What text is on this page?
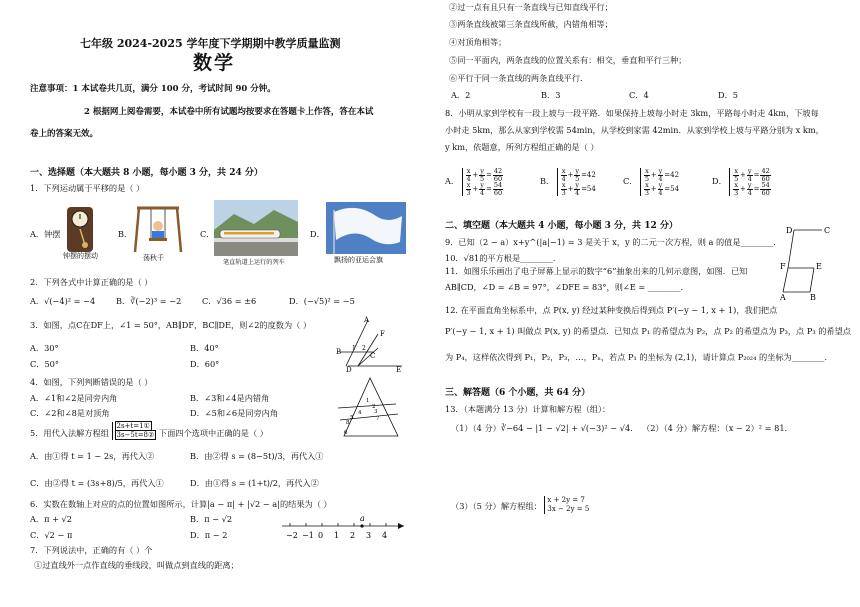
七年级 2024-2025 学年度下学期期中教学质量监测
数学
注意事项：1 本试卷共几页，满分 100 分，考试时间 90 分钟。
2 根据网上阅卷需要，本试卷中所有试题均按要求在答题卡上作答，答在本试
卷上的答案无效。
一、选择题（本大题共 8 小题，每小题 3 分，共 24 分）
1．下列运动属于平移的是（ ）
A．钟摆
钟摆的摆动
B．
荡秋千
C．
笔直轨道上运行的列车
D．
飘扬的亚运会旗
2．下列各式中计算正确的是（ ）
A．√(−4)² = −4	B．∛(−2)³ = −2	C．√36 = ±6	D．(−√5)² = −5
3．如图，点C在DF上，∠1 = 50°，AB∥DF，BC∥DE，则∠2的度数为（ ）
A．30°	B．40°
C．50°	D．60°
A
B
F
1 2
C
D	E
4．如图，下列判断错误的是（ ）
A．∠1和∠2是同旁内角	B．∠3和∠4是内错角
C．∠2和∠8是对顶角	D．∠5和∠6是同旁内角
1
2
3
4
5
6
7
8
5．用代入法解方程组 $\frac{\text{2s+t=1①}}{\text{3s−5t=8②}}$ 下面四个选项中正确的是（ ）
A．由①得 t = 1 − 2s，再代入②	B．由②得 s = (8−5t)/3，再代入①
C．由②得 t = (3s+8)/5，再代入①	D．由①得 s = (1+t)/2，再代入②
6．实数在数轴上对应的点的位置如图所示，计算|a − π| + |√2 − a|的结果为（ ）
A．π + √2	B．π − √2
C．√2 − π	D．π − 2	−2 −1 0 1 2 3 4
a
7．下列说法中，正确的有（ ）个
①过直线外一点作直线的垂线段，叫做点到直线的距离；
②过一点有且只有一条直线与已知直线平行；
③两条直线被第三条直线所截，内错角相等；
④对顶角相等；
⑤同一平面内，两条直线的位置关系有：相交，垂直和平行三种；
⑥平行于同一条直线的两条直线平行．
A．2	B．3	C．4	D．5
8．小明从家到学校有一段上坡与一段平路．如果保持上坡每小时走 3km，平路每小时走 4km，下坡每
小时走 5km，那么从家到学校需 54min，从学校到家需 42min．从家到学校上坡与平路分别为 x km，
y km，依题意，所列方程组正确的是（ ）
A． $\frac{x}{4} + \frac{y}{5} = \frac{42}{60}$

$\frac{x}{3} + \frac{y}{4} = \frac{54}{60}$
B． $\frac{x}{4} + \frac{y}{5} =42$

$\frac{x}{3} + \frac{y}{4} =54$
C． $\frac{x}{5} + \frac{y}{4} =42$

$\frac{x}{3} + \frac{y}{4} =54$
D． $\frac{x}{5} + \frac{y}{4} = \frac{42}{60}$

$\frac{x}{3} + \frac{y}{4} = \frac{54}{60}$
二、填空题（本大题共 4 小题，每小题 3 分，共 12 分）
9．已知（2 − a）x+y^(|a|−1) = 3 是关于 x，y 的二元一次方程，则 a 的值是________．
10．√81的平方根是________．
11．如图乐乐画出了电子屏幕上显示的数字“6”抽象出来的几何示意图，如图．已知
AB∥CD，∠D = ∠B = 97°，∠DFE = 83°，则∠E = ________．
D	C
F	E
A	B
12. 在平面直角坐标系中，点 P(x, y) 经过某种变换后得到点 P′(−y − 1, x + 1)，我们把点
P′(−y − 1, x + 1) 叫做点 P(x, y) 的希望点．已知点 P₁ 的希望点为 P₂，点 P₂ 的希望点为 P₃，点 P₃ 的希望点
为 P₄，这样依次得到 P₁，P₂，P₃，…，Pₙ，若点 P₁ 的坐标为 (2,1)，请计算点 P₂₀₂₄ 的坐标为________．
三、解答题（6 个小题，共 64 分）
13．（本题满分 13 分）计算和解方程（组）：
（1）（4 分）∛−64 − |1 − √2| + √(−3)² − √4． （2）（4 分）解方程：（x − 2）² = 81．
（3）（5 分）解方程组： x + 2y = 7
3x − 2y = 5
